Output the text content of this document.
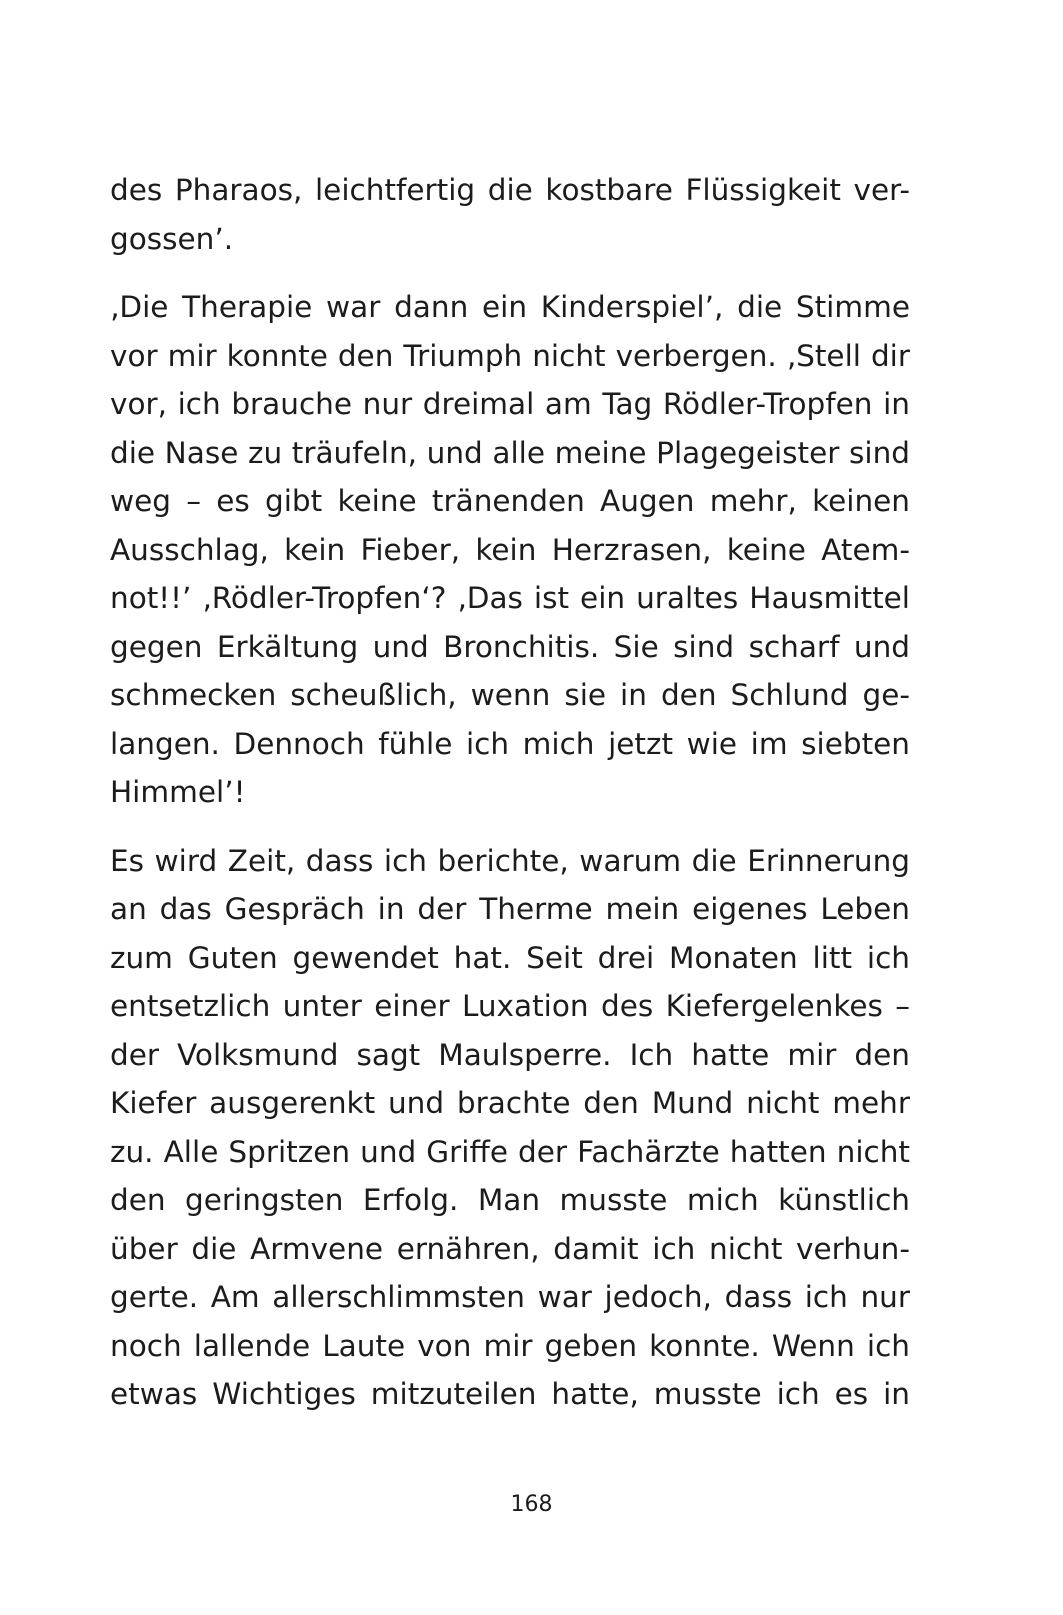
des Pharaos, leichtfertig die kostbare Flüssigkeit ver-
gossen’.

‚Die Therapie war dann ein Kinderspiel’, die Stimme
vor mir konnte den Triumph nicht verbergen. ‚Stell dir
vor, ich brauche nur dreimal am Tag Rödler-Tropfen in
die Nase zu träufeln, und alle meine Plagegeister sind
weg – es gibt keine tränenden Augen mehr, keinen
Ausschlag, kein Fieber, kein Herzrasen, keine Atem-
not!!’ ‚Rödler-Tropfen‘? ‚Das ist ein uraltes Hausmittel
gegen Erkältung und Bronchitis. Sie sind scharf und
schmecken scheußlich, wenn sie in den Schlund ge-
langen. Dennoch fühle ich mich jetzt wie im siebten
Himmel’!

Es wird Zeit, dass ich berichte, warum die Erinnerung
an das Gespräch in der Therme mein eigenes Leben
zum Guten gewendet hat. Seit drei Monaten litt ich
entsetzlich unter einer Luxation des Kiefergelenkes –
der Volksmund sagt Maulsperre. Ich hatte mir den
Kiefer ausgerenkt und brachte den Mund nicht mehr
zu. Alle Spritzen und Griffe der Fachärzte hatten nicht
den geringsten Erfolg. Man musste mich künstlich
über die Armvene ernähren, damit ich nicht verhun-
gerte. Am allerschlimmsten war jedoch, dass ich nur
noch lallende Laute von mir geben konnte. Wenn ich
etwas Wichtiges mitzuteilen hatte, musste ich es in

168
